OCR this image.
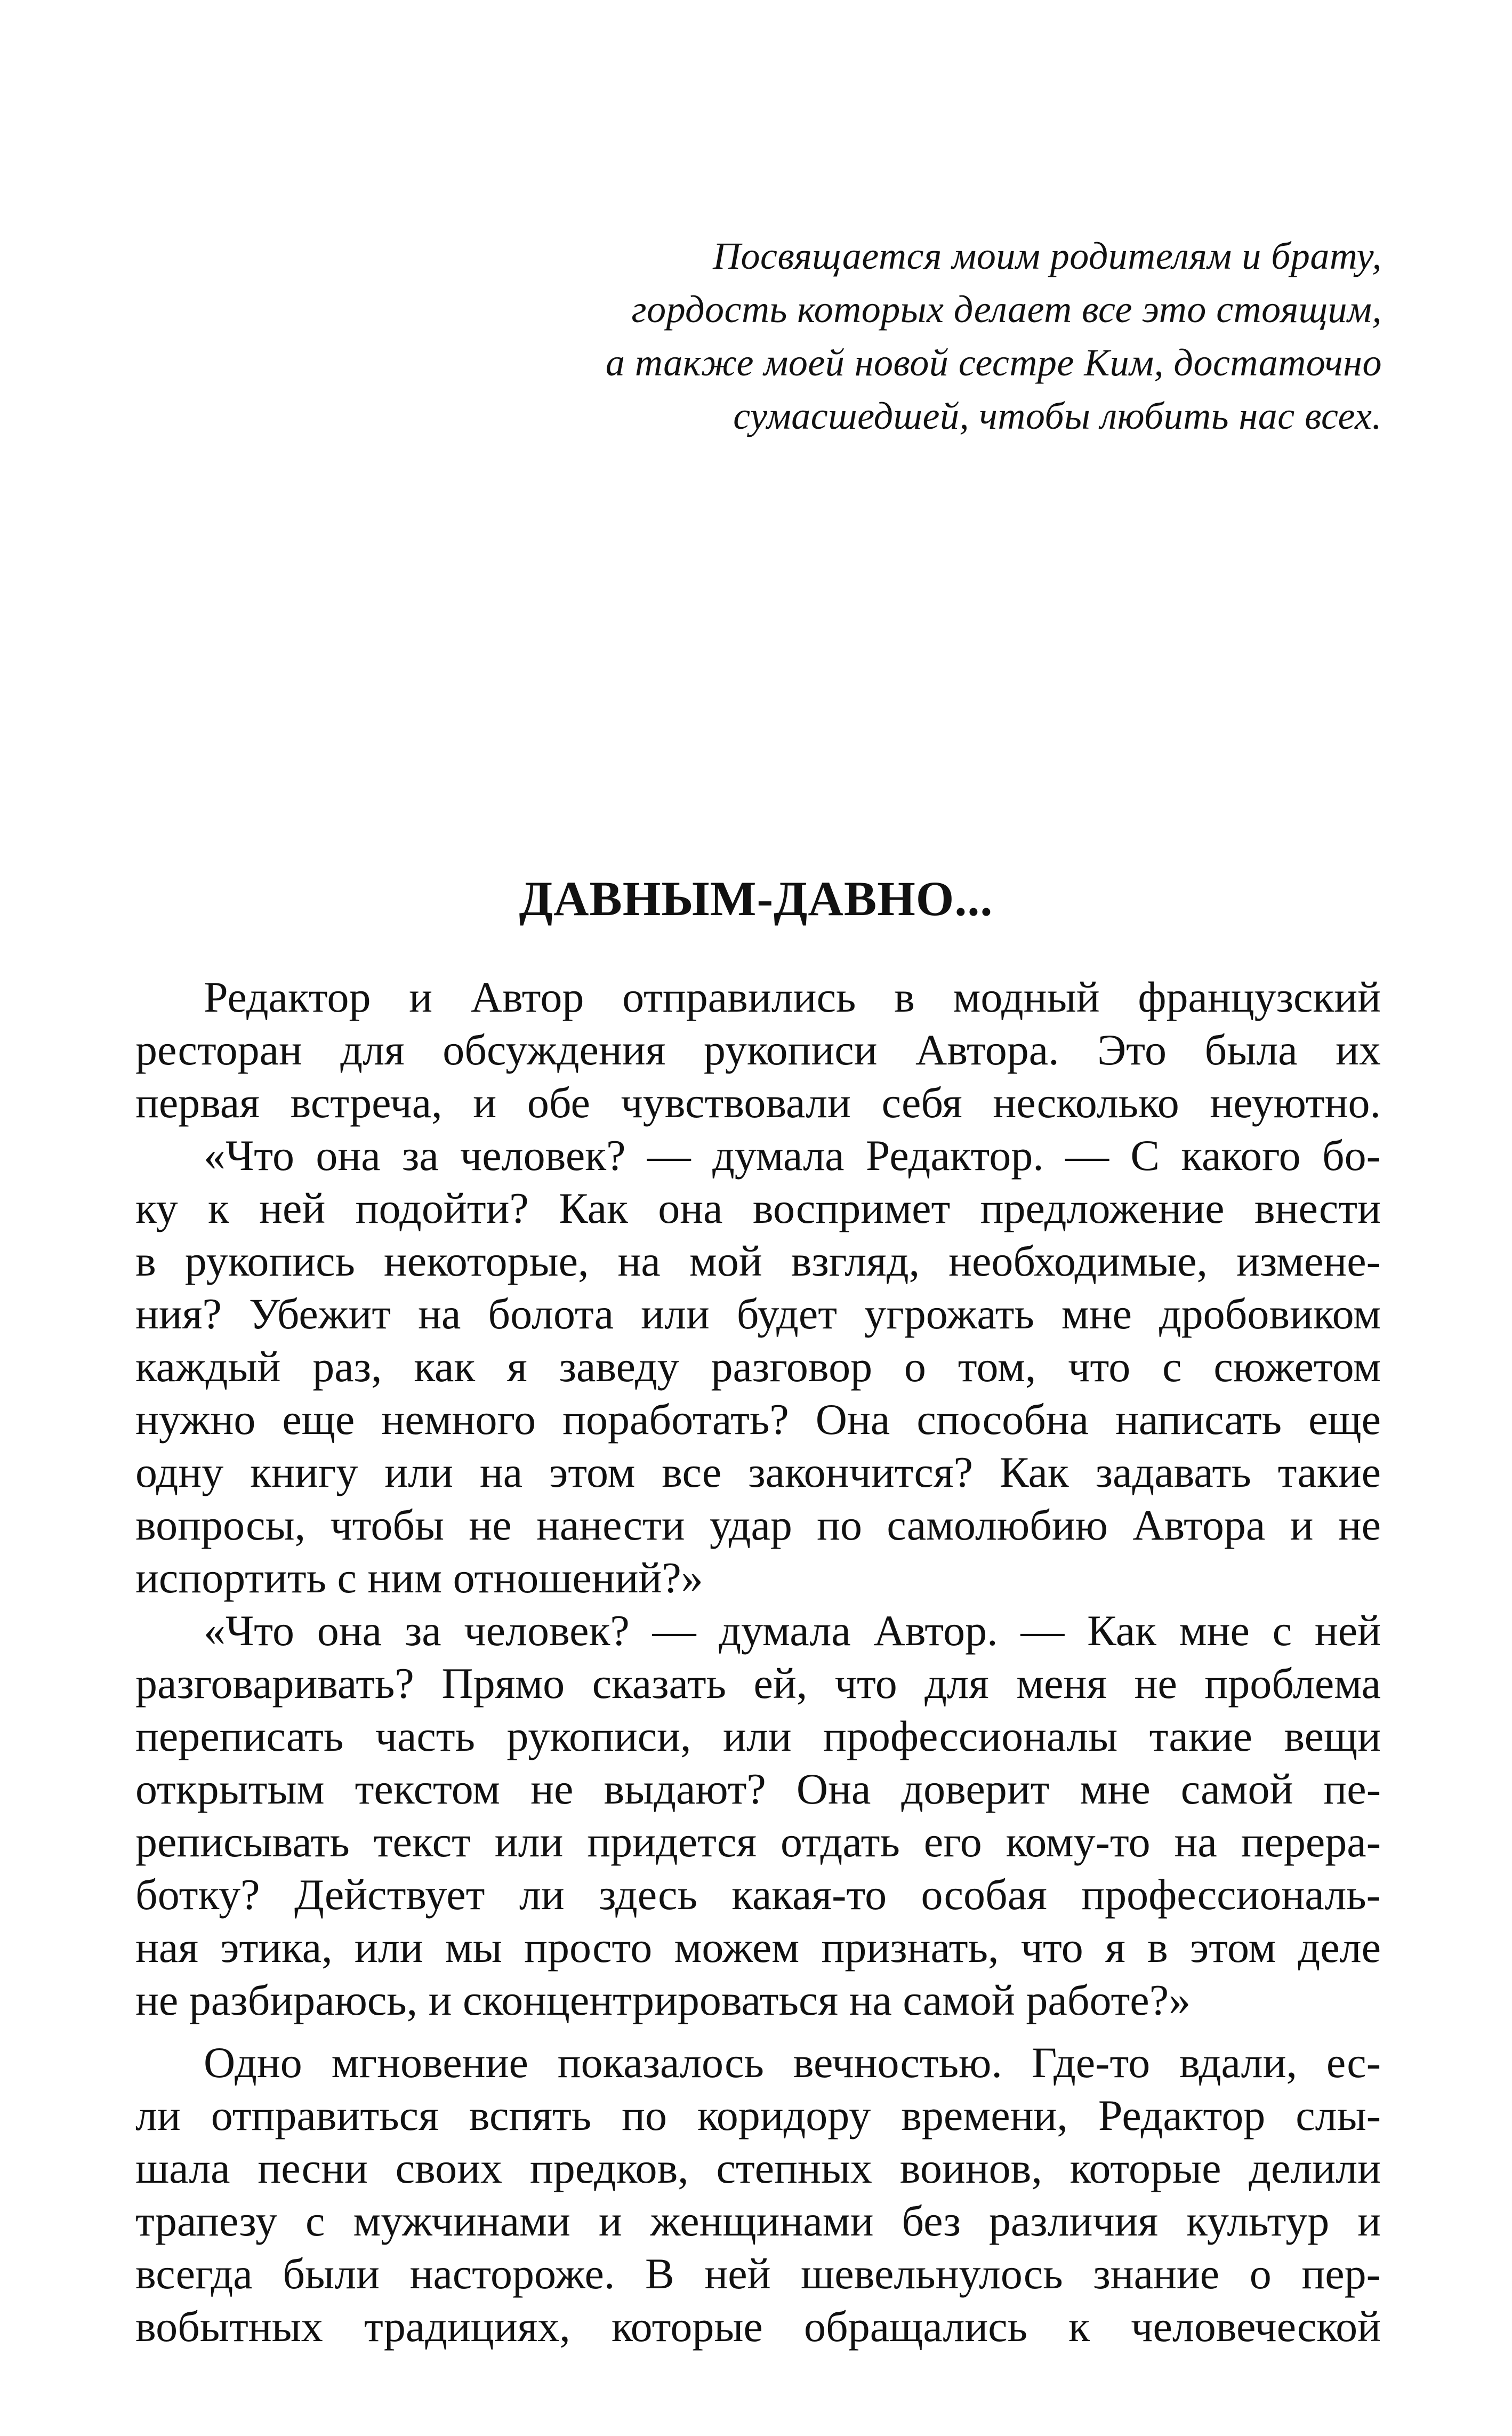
Посвящается моим родителям и брату,
гордость которых делает все это стоящим,
а также моей новой сестре Ким, достаточно
сумасшедшей, чтобы любить нас всех.
ДАВНЫМ-ДАВНО...
Редактор и Автор отправились в модный французский
ресторан для обсуждения рукописи Автора. Это была их
первая встреча, и обе чувствовали себя несколько неуютно.
«Что она за человек? — думала Редактор. — С какого бо-
ку к ней подойти? Как она воспримет предложение внести
в рукопись некоторые, на мой взгляд, необходимые, измене-
ния? Убежит на болота или будет угрожать мне дробовиком
каждый раз, как я заведу разговор о том, что с сюжетом
нужно еще немного поработать? Она способна написать еще
одну книгу или на этом все закончится? Как задавать такие
вопросы, чтобы не нанести удар по самолюбию Автора и не
испортить с ним отношений?»
«Что она за человек? — думала Автор. — Как мне с ней
разговаривать? Прямо сказать ей, что для меня не проблема
переписать часть рукописи, или профессионалы такие вещи
открытым текстом не выдают? Она доверит мне самой пе-
реписывать текст или придется отдать его кому-то на перера-
ботку? Действует ли здесь какая-то особая профессиональ-
ная этика, или мы просто можем признать, что я в этом деле
не разбираюсь, и сконцентрироваться на самой работе?»
Одно мгновение показалось вечностью. Где-то вдали, ес-
ли отправиться вспять по коридору времени, Редактор слы-
шала песни своих предков, степных воинов, которые делили
трапезу с мужчинами и женщинами без различия культур и
всегда были настороже. В ней шевельнулось знание о пер-
вобытных традициях, которые обращались к человеческой
